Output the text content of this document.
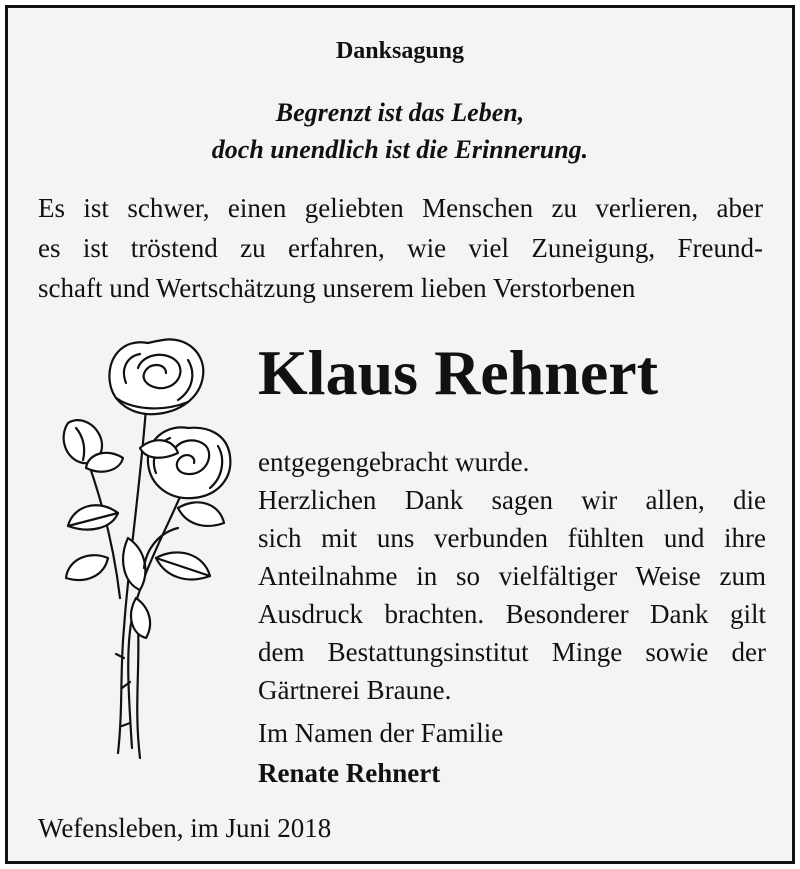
Danksagung
Begrenzt ist das Leben,
doch unendlich ist die Erinnerung.
Es ist schwer, einen geliebten Menschen zu verlieren, aber
es ist tröstend zu erfahren, wie viel Zuneigung, Freund-
schaft und Wertschätzung unserem lieben Verstorbenen
Klaus Rehnert
entgegengebracht wurde.
Herzlichen Dank sagen wir allen, die
sich mit uns verbunden fühlten und ihre
Anteilnahme in so vielfältiger Weise zum
Ausdruck brachten. Besonderer Dank gilt
dem Bestattungsinstitut Minge sowie der
Gärtnerei Braune.
Im Namen der Familie
Renate Rehnert
Wefensleben, im Juni 2018
